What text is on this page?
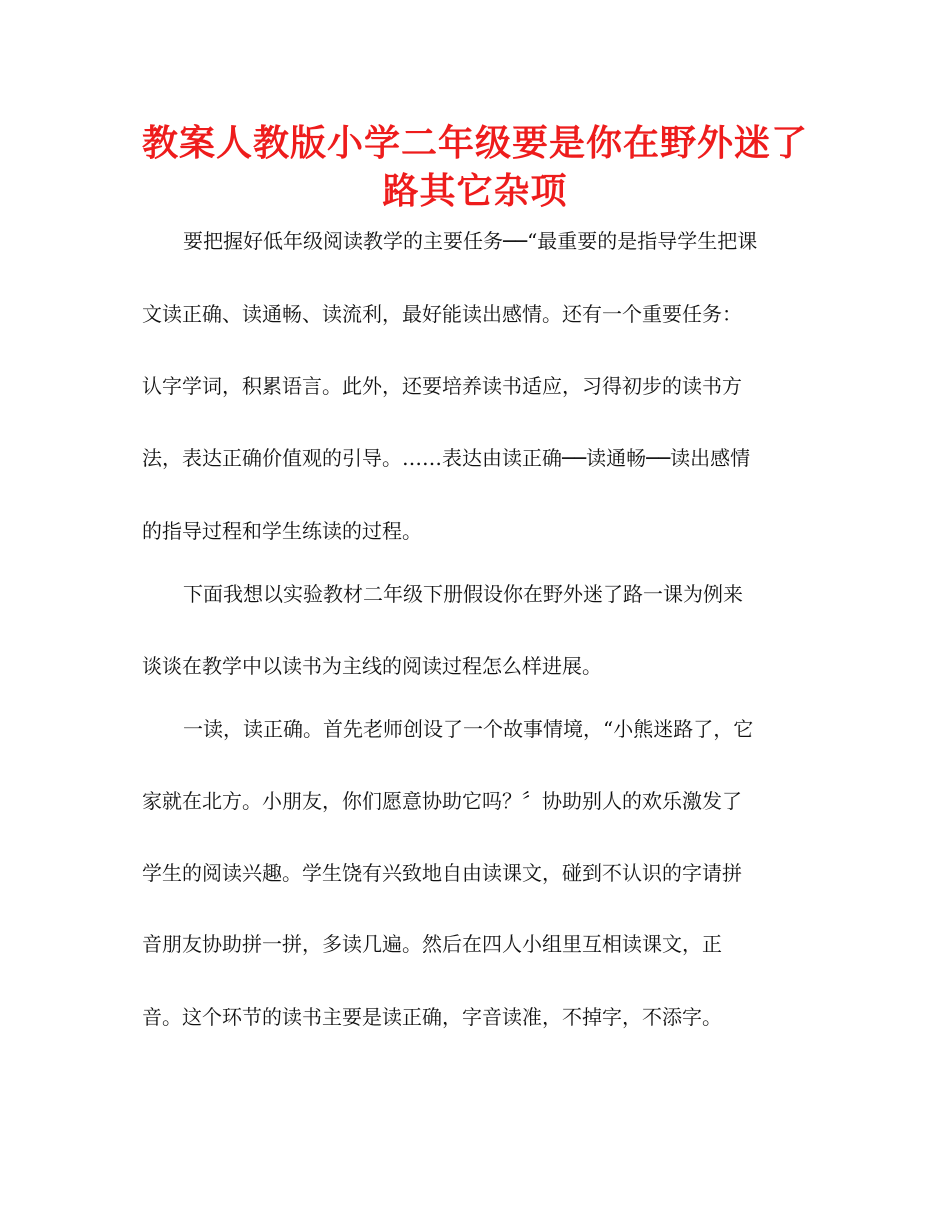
教案人教版小学二年级要是你在野外迷了
路其它杂项

要把握好低年级阅读教学的主要任务──“最重要的是指导学生把课

文读正确、读通畅、读流利，最好能读出感情。还有一个重要任务：

认字学词，积累语言。此外，还要培养读书适应，习得初步的读书方

法，表达正确价值观的引导。……表达由读正确──读通畅──读出感情

的指导过程和学生练读的过程。

下面我想以实验教材二年级下册假设你在野外迷了路一课为例来

谈谈在教学中以读书为主线的阅读过程怎么样进展。

一读，读正确。首先老师创设了一个故事情境，“小熊迷路了，它

家就在北方。小朋友，你们愿意协助它吗？〞协助别人的欢乐激发了

学生的阅读兴趣。学生饶有兴致地自由读课文，碰到不认识的字请拼

音朋友协助拼一拼，多读几遍。然后在四人小组里互相读课文，正

音。这个环节的读书主要是读正确，字音读准，不掉字，不添字。
